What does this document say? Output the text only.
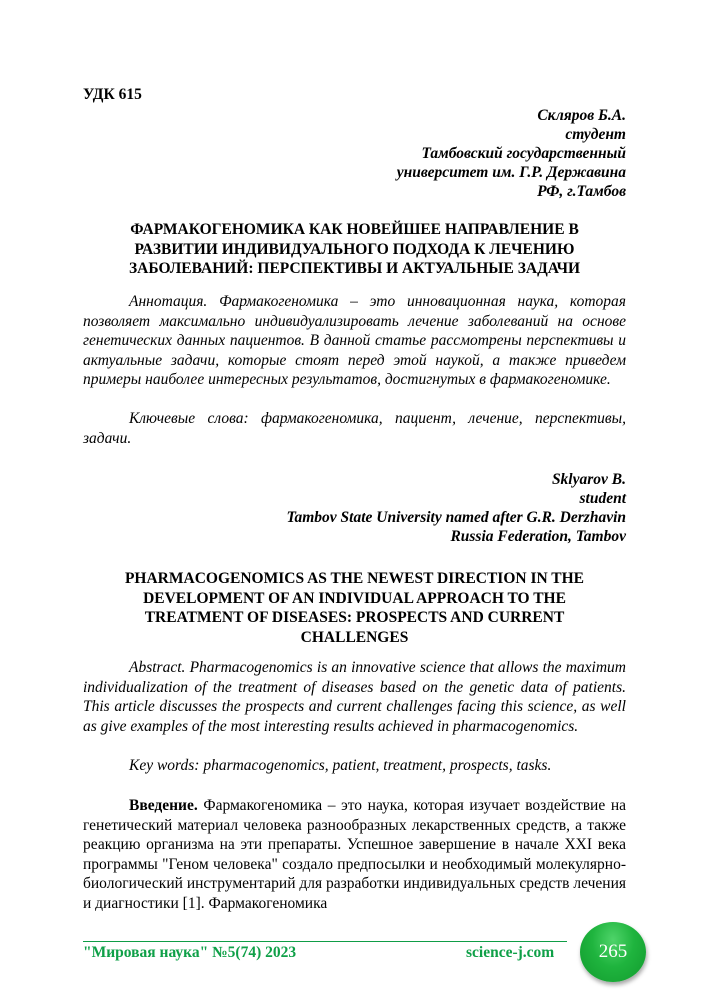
УДК 615
Скляров Б.А.
студент
Тамбовский государственный
университет им. Г.Р. Державина
РФ, г.Тамбов
ФАРМАКОГЕНОМИКА КАК НОВЕЙШЕЕ НАПРАВЛЕНИЕ В
РАЗВИТИИ ИНДИВИДУАЛЬНОГО ПОДХОДА К ЛЕЧЕНИЮ
ЗАБОЛЕВАНИЙ: ПЕРСПЕКТИВЫ И АКТУАЛЬНЫЕ ЗАДАЧИ
Аннотация. Фармакогеномика – это инновационная наука, которая позволяет максимально индивидуализировать лечение заболеваний на основе генетических данных пациентов. В данной статье рассмотрены перспективы и актуальные задачи, которые стоят перед этой наукой, а также приведем примеры наиболее интересных результатов, достигнутых в фармакогеномике.
Ключевые слова: фармакогеномика, пациент, лечение, перспективы, задачи.
Sklyarov B.
student
Tambov State University named after G.R. Derzhavin
Russia Federation, Tambov
PHARMACOGENOMICS AS THE NEWEST DIRECTION IN THE
DEVELOPMENT OF AN INDIVIDUAL APPROACH TO THE
TREATMENT OF DISEASES: PROSPECTS AND CURRENT
CHALLENGES
Abstract. Pharmacogenomics is an innovative science that allows the maximum individualization of the treatment of diseases based on the genetic data of patients. This article discusses the prospects and current challenges facing this science, as well as give examples of the most interesting results achieved in pharmacogenomics.
Key words: pharmacogenomics, patient, treatment, prospects, tasks.
Введение. Фармакогеномика – это наука, которая изучает воздействие на генетический материал человека разнообразных лекарственных средств, а также реакцию организма на эти препараты. Успешное завершение в начале XXI века программы "Геном человека" создало предпосылки и необходимый молекулярно-биологический инструментарий для разработки индивидуальных средств лечения и диагностики [1]. Фармакогеномика
"Мировая наука" №5(74) 2023	science-j.com 265
